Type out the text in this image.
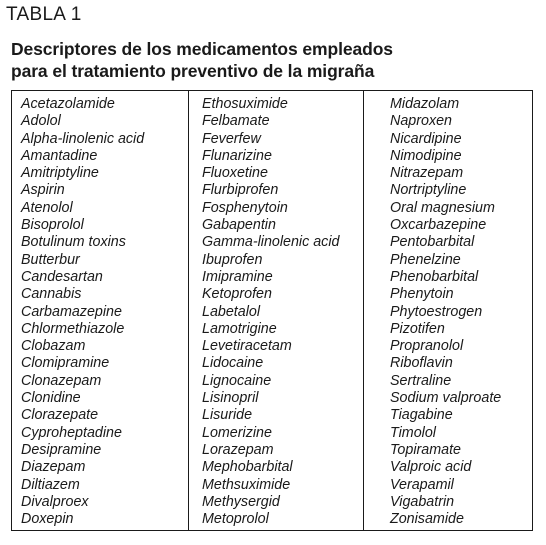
TABLA 1
Descriptores de los medicamentos empleados
para el tratamiento preventivo de la migraña
Acetazolamide
Adolol
Alpha-linolenic acid
Amantadine
Amitriptyline
Aspirin
Atenolol
Bisoprolol
Botulinum toxins
Butterbur
Candesartan
Cannabis
Carbamazepine
Chlormethiazole
Clobazam
Clomipramine
Clonazepam
Clonidine
Clorazepate
Cyproheptadine
Desipramine
Diazepam
Diltiazem
Divalproex
Doxepin
Ethosuximide
Felbamate
Feverfew
Flunarizine
Fluoxetine
Flurbiprofen
Fosphenytoin
Gabapentin
Gamma-linolenic acid
Ibuprofen
Imipramine
Ketoprofen
Labetalol
Lamotrigine
Levetiracetam
Lidocaine
Lignocaine
Lisinopril
Lisuride
Lomerizine
Lorazepam
Mephobarbital
Methsuximide
Methysergid
Metoprolol
Midazolam
Naproxen
Nicardipine
Nimodipine
Nitrazepam
Nortriptyline
Oral magnesium
Oxcarbazepine
Pentobarbital
Phenelzine
Phenobarbital
Phenytoin
Phytoestrogen
Pizotifen
Propranolol
Riboflavin
Sertraline
Sodium valproate
Tiagabine
Timolol
Topiramate
Valproic acid
Verapamil
Vigabatrin
Zonisamide
